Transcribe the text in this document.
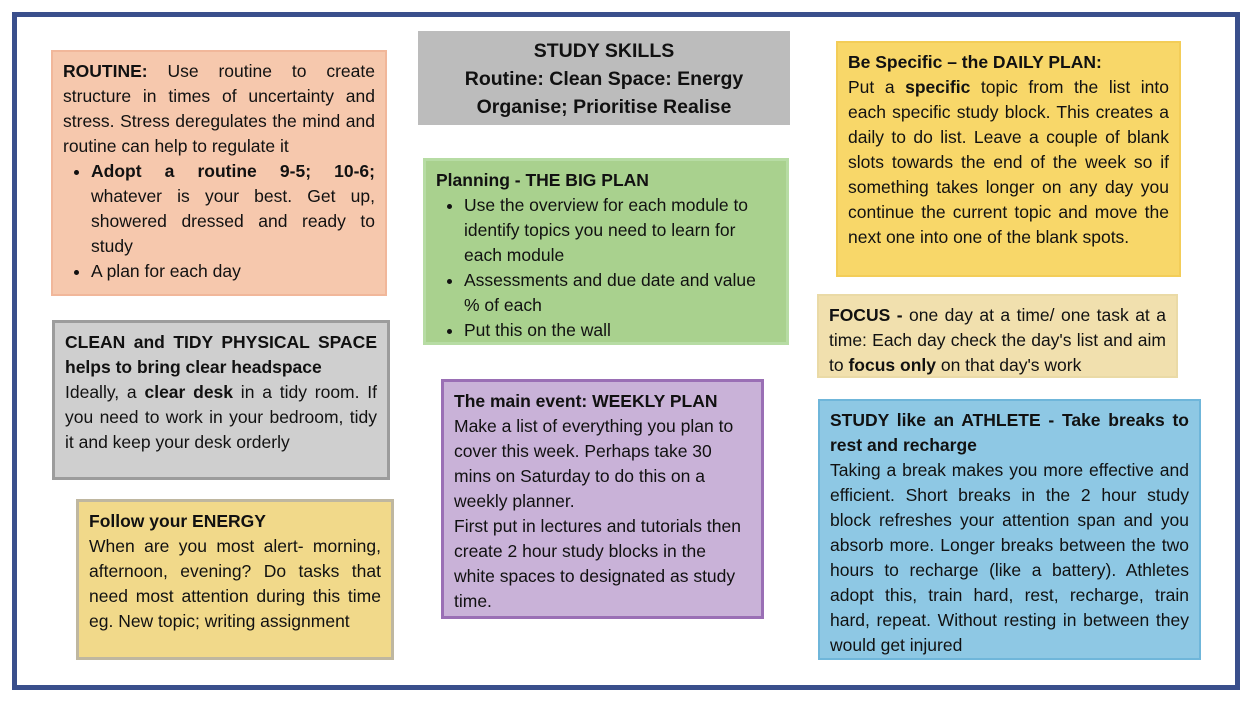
STUDY SKILLS
Routine: Clean Space: Energy
Organise; Prioritise Realise

ROUTINE: Use routine to create structure in times of uncertainty and stress. Stress deregulates the mind and routine can help to regulate it

• Adopt a routine 9-5; 10-6; whatever is your best. Get up, showered dressed and ready to study
• A plan for each day

CLEAN and TIDY PHYSICAL SPACE helps to bring clear headspace

Ideally, a clear desk in a tidy room. If you need to work in your bedroom, tidy it and keep your desk orderly

Follow your ENERGY

When are you most alert- morning, afternoon, evening? Do tasks that need most attention during this time eg. New topic; writing assignment

Planning - THE BIG PLAN

• Use the overview for each module to identify topics you need to learn for each module
• Assessments and due date and value % of each
• Put this on the wall

The main event: WEEKLY PLAN

Make a list of everything you plan to cover this week. Perhaps take 30 mins on Saturday to do this on a weekly planner.

First put in lectures and tutorials then create 2 hour study blocks in the white spaces to designated as study time.

Be Specific – the DAILY PLAN:

Put a specific topic from the list into each specific study block. This creates a daily to do list. Leave a couple of blank slots towards the end of the week so if something takes longer on any day you continue the current topic and move the next one into one of the blank spots.

FOCUS - one day at a time/ one task at a time: Each day check the day's list and aim to focus only on that day's work

STUDY like an ATHLETE - Take breaks to rest and recharge

Taking a break makes you more effective and efficient. Short breaks in the 2 hour study block refreshes your attention span and you absorb more. Longer breaks between the two hours to recharge (like a battery). Athletes adopt this, train hard, rest, recharge, train hard, repeat. Without resting in between they would get injured
